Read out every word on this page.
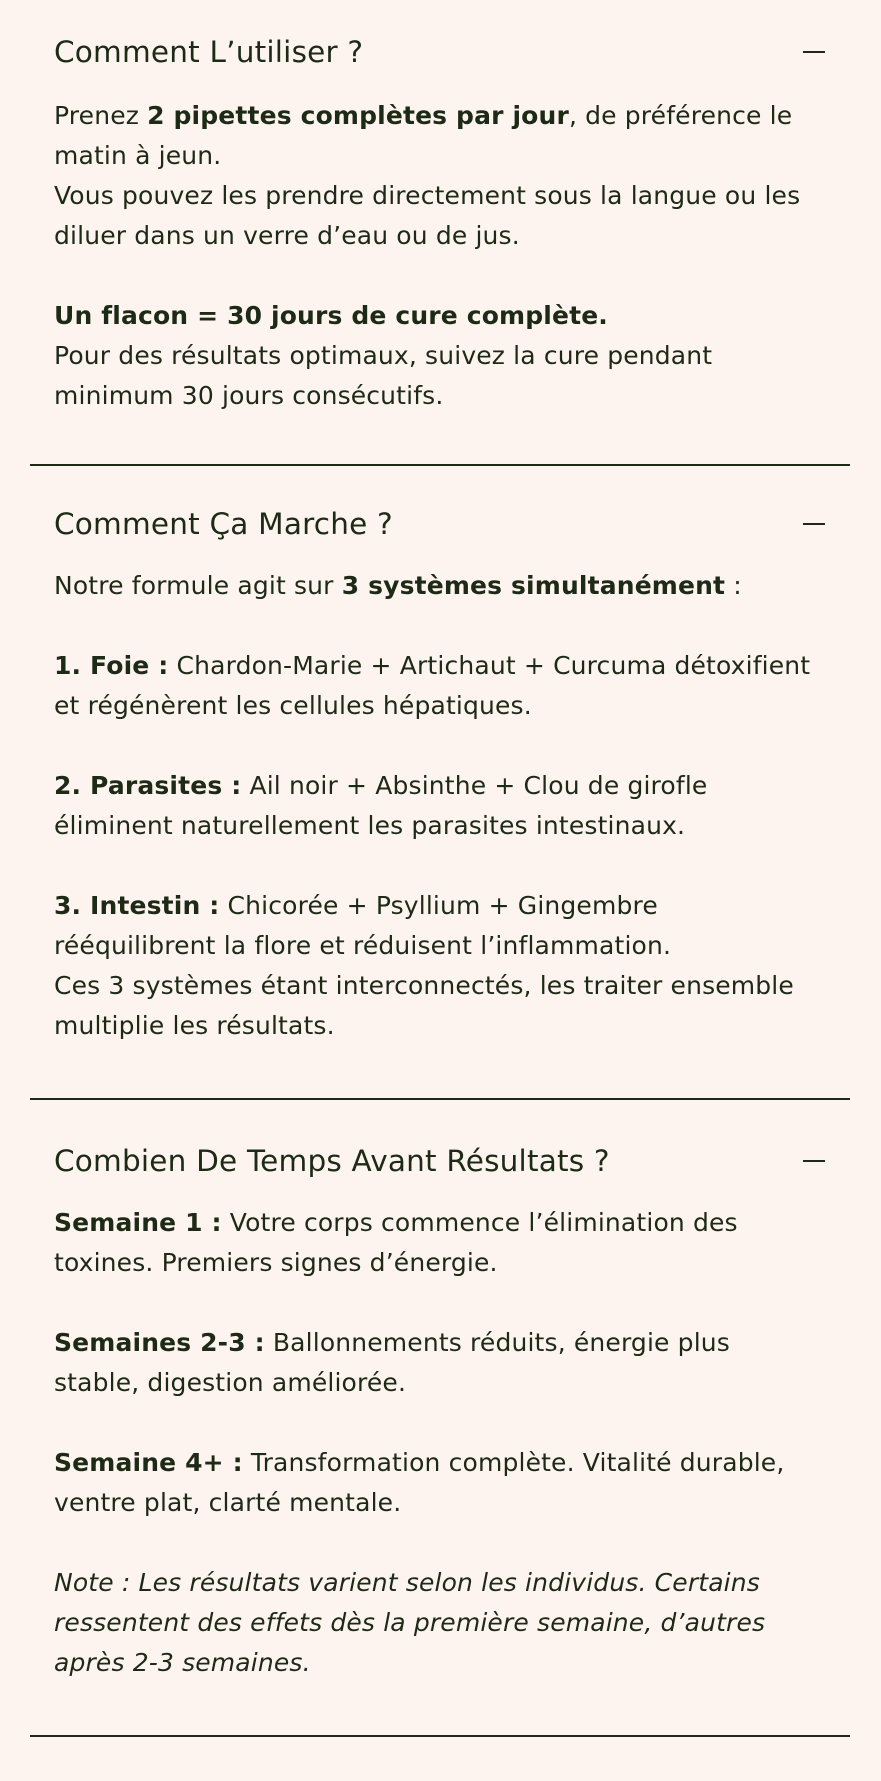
Comment L’utiliser ?
Prenez 2 pipettes complètes par jour, de préférence le
matin à jeun.
Vous pouvez les prendre directement sous la langue ou les
diluer dans un verre d’eau ou de jus.
Un flacon = 30 jours de cure complète.
Pour des résultats optimaux, suivez la cure pendant
minimum 30 jours consécutifs.
Comment Ça Marche ?
Notre formule agit sur 3 systèmes simultanément :
1. Foie : Chardon-Marie + Artichaut + Curcuma détoxifient
et régénèrent les cellules hépatiques.
2. Parasites : Ail noir + Absinthe + Clou de girofle
éliminent naturellement les parasites intestinaux.
3. Intestin : Chicorée + Psyllium + Gingembre
rééquilibrent la flore et réduisent l’inflammation.
Ces 3 systèmes étant interconnectés, les traiter ensemble
multiplie les résultats.
Combien De Temps Avant Résultats ?
Semaine 1 : Votre corps commence l’élimination des
toxines. Premiers signes d’énergie.
Semaines 2-3 : Ballonnements réduits, énergie plus
stable, digestion améliorée.
Semaine 4+ : Transformation complète. Vitalité durable,
ventre plat, clarté mentale.
Note : Les résultats varient selon les individus. Certains
ressentent des effets dès la première semaine, d’autres
après 2-3 semaines.
